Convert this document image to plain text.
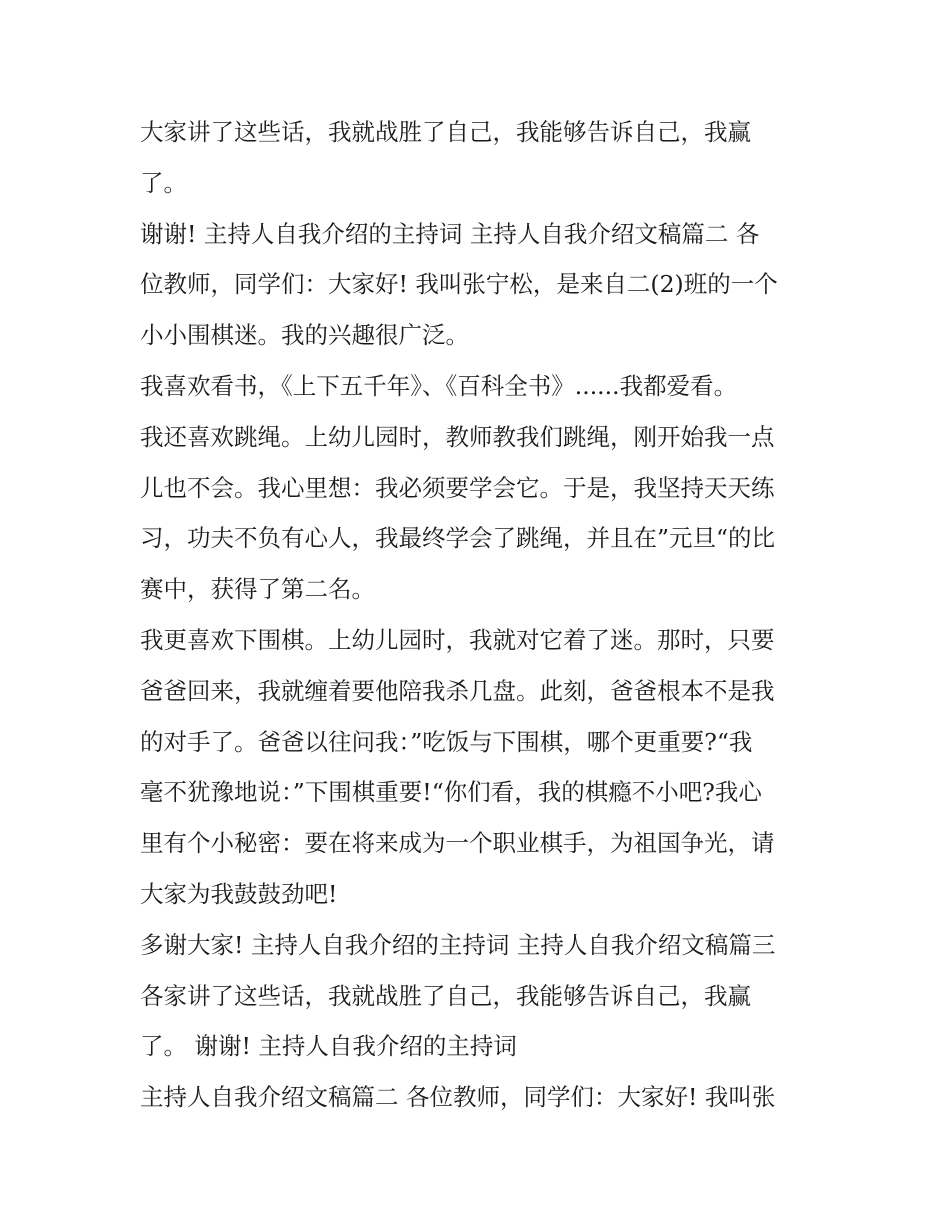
大家讲了这些话，我就战胜了自己，我能够告诉自己，我赢
了。
谢谢! 主持人自我介绍的主持词 主持人自我介绍文稿篇二 各
位教师，同学们：大家好! 我叫张宁松，是来自二(2)班的一个
小小围棋迷。我的兴趣很广泛。
我喜欢看书，《上下五千年》、《百科全书》......我都爱看。
我还喜欢跳绳。上幼儿园时，教师教我们跳绳，刚开始我一点
儿也不会。我心里想：我必须要学会它。于是，我坚持天天练
习，功夫不负有心人，我最终学会了跳绳，并且在”元旦“的比
赛中，获得了第二名。
我更喜欢下围棋。上幼儿园时，我就对它着了迷。那时，只要
爸爸回来，我就缠着要他陪我杀几盘。此刻，爸爸根本不是我
的对手了。爸爸以往问我：”吃饭与下围棋，哪个更重要?“我
毫不犹豫地说：”下围棋重要!“你们看，我的棋瘾不小吧?我心
里有个小秘密：要在将来成为一个职业棋手，为祖国争光，请
大家为我鼓鼓劲吧!
多谢大家! 主持人自我介绍的主持词 主持人自我介绍文稿篇三
各家讲了这些话，我就战胜了自己，我能够告诉自己，我赢
了。 谢谢! 主持人自我介绍的主持词
主持人自我介绍文稿篇二 各位教师，同学们：大家好! 我叫张
